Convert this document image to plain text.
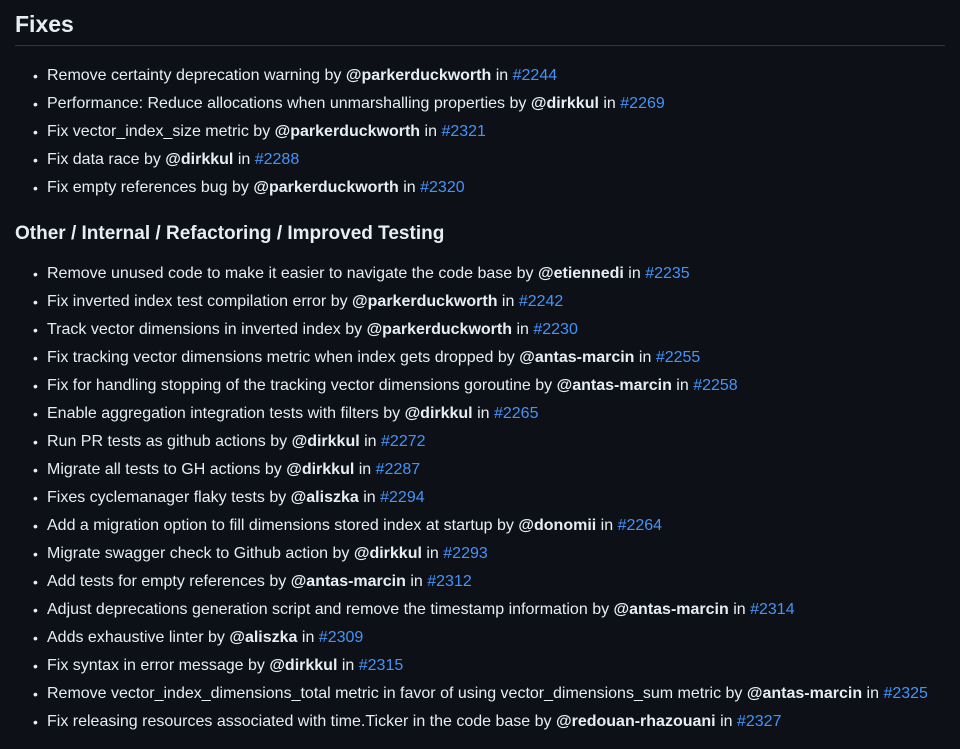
Fixes
• Remove certainty deprecation warning by @parkerduckworth in #2244
• Performance: Reduce allocations when unmarshalling properties by @dirkkul in #2269
• Fix vector_index_size metric by @parkerduckworth in #2321
• Fix data race by @dirkkul in #2288
• Fix empty references bug by @parkerduckworth in #2320
Other / Internal / Refactoring / Improved Testing
• Remove unused code to make it easier to navigate the code base by @etiennedi in #2235
• Fix inverted index test compilation error by @parkerduckworth in #2242
• Track vector dimensions in inverted index by @parkerduckworth in #2230
• Fix tracking vector dimensions metric when index gets dropped by @antas-marcin in #2255
• Fix for handling stopping of the tracking vector dimensions goroutine by @antas-marcin in #2258
• Enable aggregation integration tests with filters by @dirkkul in #2265
• Run PR tests as github actions by @dirkkul in #2272
• Migrate all tests to GH actions by @dirkkul in #2287
• Fixes cyclemanager flaky tests by @aliszka in #2294
• Add a migration option to fill dimensions stored index at startup by @donomii in #2264
• Migrate swagger check to Github action by @dirkkul in #2293
• Add tests for empty references by @antas-marcin in #2312
• Adjust deprecations generation script and remove the timestamp information by @antas-marcin in #2314
• Adds exhaustive linter by @aliszka in #2309
• Fix syntax in error message by @dirkkul in #2315
• Remove vector_index_dimensions_total metric in favor of using vector_dimensions_sum metric by @antas-marcin in #2325
• Fix releasing resources associated with time.Ticker in the code base by @redouan-rhazouani in #2327
